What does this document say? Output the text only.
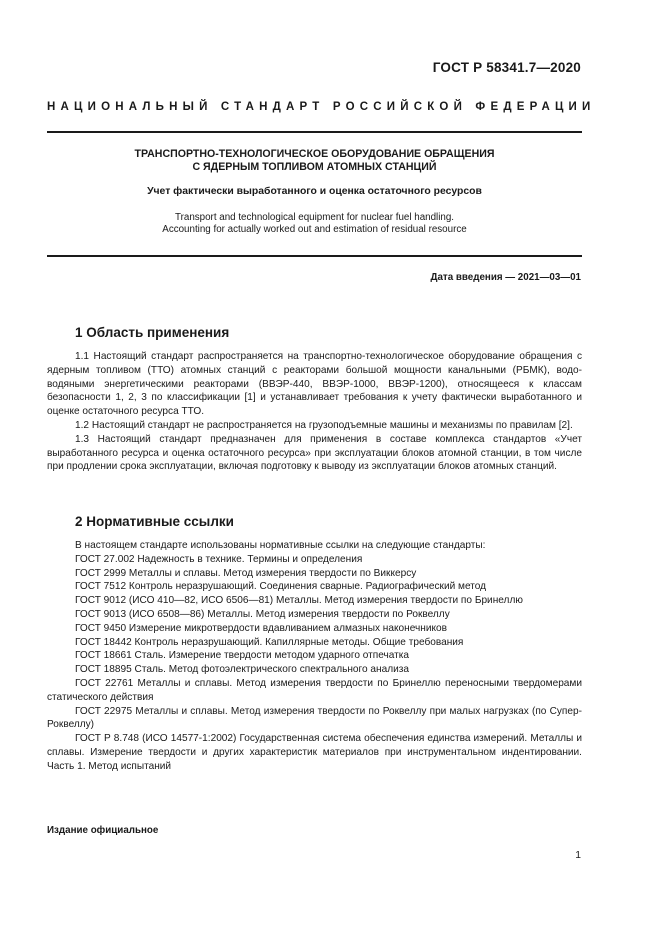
ГОСТ Р 58341.7—2020
НАЦИОНАЛЬНЫЙ СТАНДАРТ РОССИЙСКОЙ ФЕДЕРАЦИИ
ТРАНСПОРТНО-ТЕХНОЛОГИЧЕСКОЕ ОБОРУДОВАНИЕ ОБРАЩЕНИЯ
С ЯДЕРНЫМ ТОПЛИВОМ АТОМНЫХ СТАНЦИЙ
Учет фактически выработанного и оценка остаточного ресурсов
Transport and technological equipment for nuclear fuel handling.
Accounting for actually worked out and estimation of residual resource
Дата введения — 2021—03—01
1 Область применения

1.1 Настоящий стандарт распространяется на транспортно-технологическое оборудование обращения с ядерным топливом (ТТО) атомных станций с реакторами большой мощности канальными (РБМК), водо-водяными энергетическими реакторами (ВВЭР-440, ВВЭР-1000, ВВЭР-1200), относящееся к классам безопасности 1, 2, 3 по классификации [1] и устанавливает требования к учету фактически выработанного и оценке остаточного ресурса ТТО.

1.2 Настоящий стандарт не распространяется на грузоподъемные машины и механизмы по правилам [2].

1.3 Настоящий стандарт предназначен для применения в составе комплекса стандартов «Учет выработанного ресурса и оценка остаточного ресурса» при эксплуатации блоков атомной станции, в том числе при продлении срока эксплуатации, включая подготовку к выводу из эксплуатации блоков атомных станций.

2 Нормативные ссылки

В настоящем стандарте использованы нормативные ссылки на следующие стандарты:

ГОСТ 27.002 Надежность в технике. Термины и определения

ГОСТ 2999 Металлы и сплавы. Метод измерения твердости по Виккерсу

ГОСТ 7512 Контроль неразрушающий. Соединения сварные. Радиографический метод

ГОСТ 9012 (ИСО 410—82, ИСО 6506—81) Металлы. Метод измерения твердости по Бринеллю

ГОСТ 9013 (ИСО 6508—86) Металлы. Метод измерения твердости по Роквеллу

ГОСТ 9450 Измерение микротвердости вдавливанием алмазных наконечников

ГОСТ 18442 Контроль неразрушающий. Капиллярные методы. Общие требования

ГОСТ 18661 Сталь. Измерение твердости методом ударного отпечатка

ГОСТ 18895 Сталь. Метод фотоэлектрического спектрального анализа

ГОСТ 22761 Металлы и сплавы. Метод измерения твердости по Бринеллю переносными твердомерами статического действия

ГОСТ 22975 Металлы и сплавы. Метод измерения твердости по Роквеллу при малых нагрузках (по Супер-Роквеллу)

ГОСТ Р 8.748 (ИСО 14577-1:2002) Государственная система обеспечения единства измерений. Металлы и сплавы. Измерение твердости и других характеристик материалов при инструментальном индентировании. Часть 1. Метод испытаний

Издание официальное
1
